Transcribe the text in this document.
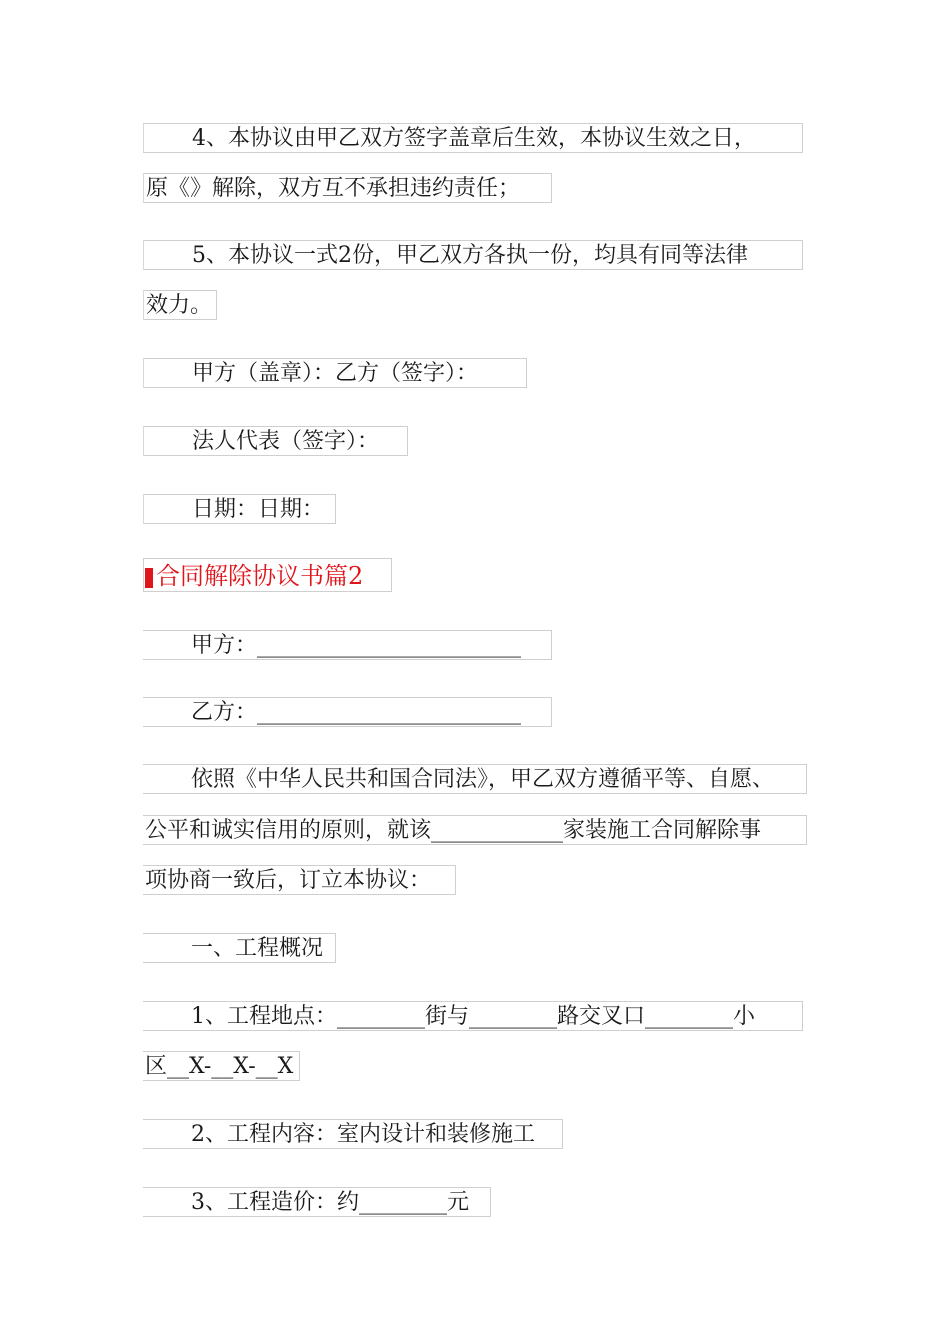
4、本协议由甲乙双方签字盖章后生效，本协议生效之日，
原《》解除，双方互不承担违约责任；
5、本协议一式2份，甲乙双方各执一份，均具有同等法律
效力。
甲方（盖章）：乙方（签字）：
法人代表（签字）：
日期：日期：
合同解除协议书篇2
甲方：________________________
乙方：________________________
依照《中华人民共和国合同法》，甲乙双方遵循平等、自愿、
公平和诚实信用的原则，就该____________家装施工合同解除事
项协商一致后，订立本协议：
一、工程概况
1、工程地点：________街与________路交叉口________小
区__X-__X-__X
2、工程内容：室内设计和装修施工
3、工程造价：约________元
